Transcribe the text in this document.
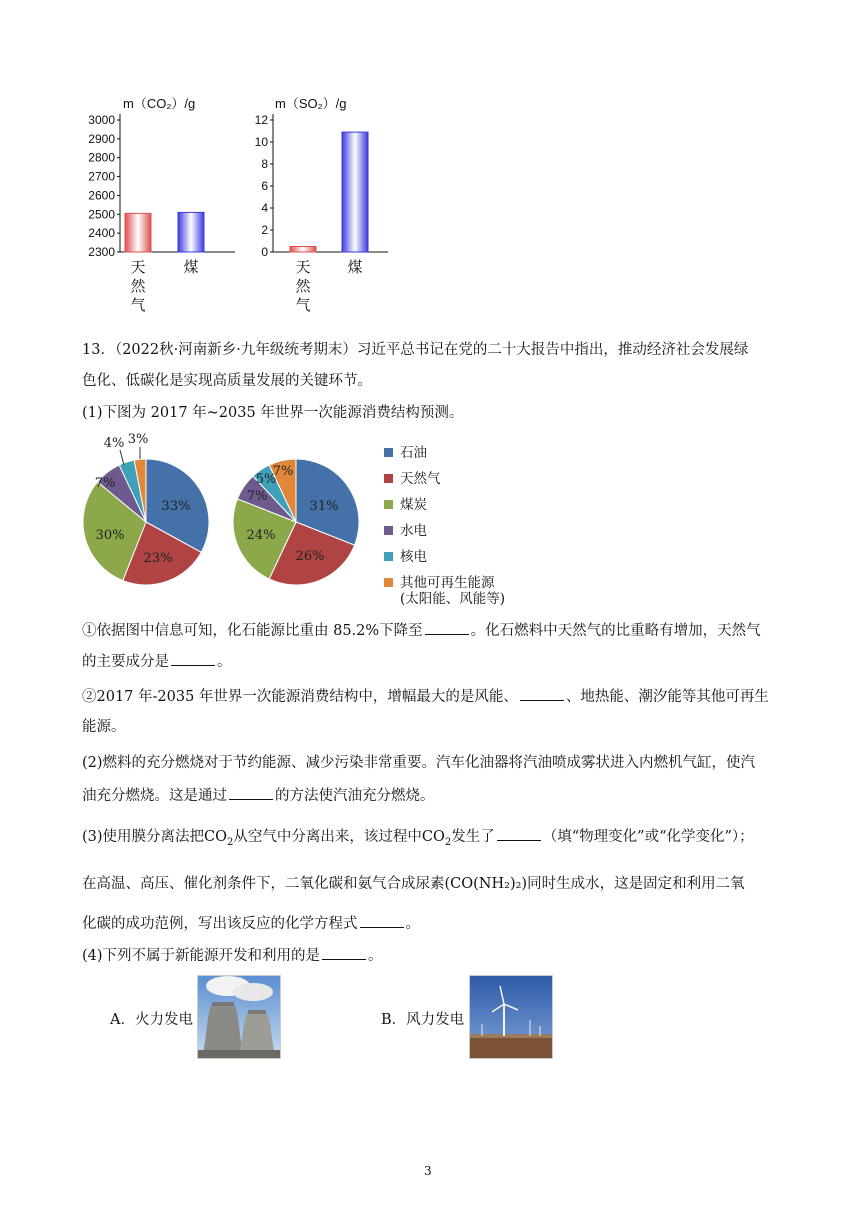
m（CO₂）/g
3000
2900
2800
2700
2600
2500
2400
2300
天
然
气
煤
m（SO₂）/g
12
10
8
6
4
2
0
天
然
气
煤
13．（2022秋·河南新乡·九年级统考期末）习近平总书记在党的二十大报告中指出，推动经济社会发展绿
色化、低碳化是实现高质量发展的关键环节。
(1)下图为 2017 年~2035 年世界一次能源消费结构预测。
33%
23%
30%
7%
4% 3%
31%
26%
24%
7%
5%
7%
石油
天然气
煤炭
水电
核电
其他可再生能源
(太阳能、风能等)
①依据图中信息可知，化石能源比重由 85.2%下降至	。化石燃料中天然气的比重略有增加，天然气
的主要成分是	。
②2017 年-2035 年世界一次能源消费结构中，增幅最大的是风能、	、地热能、潮汐能等其他可再生
能源。
(2)燃料的充分燃烧对于节约能源、减少污染非常重要。汽车化油器将汽油喷成雾状进入内燃机气缸，使汽
油充分燃烧。这是通过	的方法使汽油充分燃烧。
(3)使用膜分离法把$CO_2$从空气中分离出来，该过程中$CO_2$发生了	（填“物理变化”或“化学变化”）；
在高温、高压、催化剂条件下，二氧化碳和氨气合成尿素(CO(NH₂)₂)同时生成水，这是固定和利用二氧
化碳的成功范例，写出该反应的化学方程式	。
(4)下列不属于新能源开发和利用的是	。
A．火力发电	B．风力发电
3
